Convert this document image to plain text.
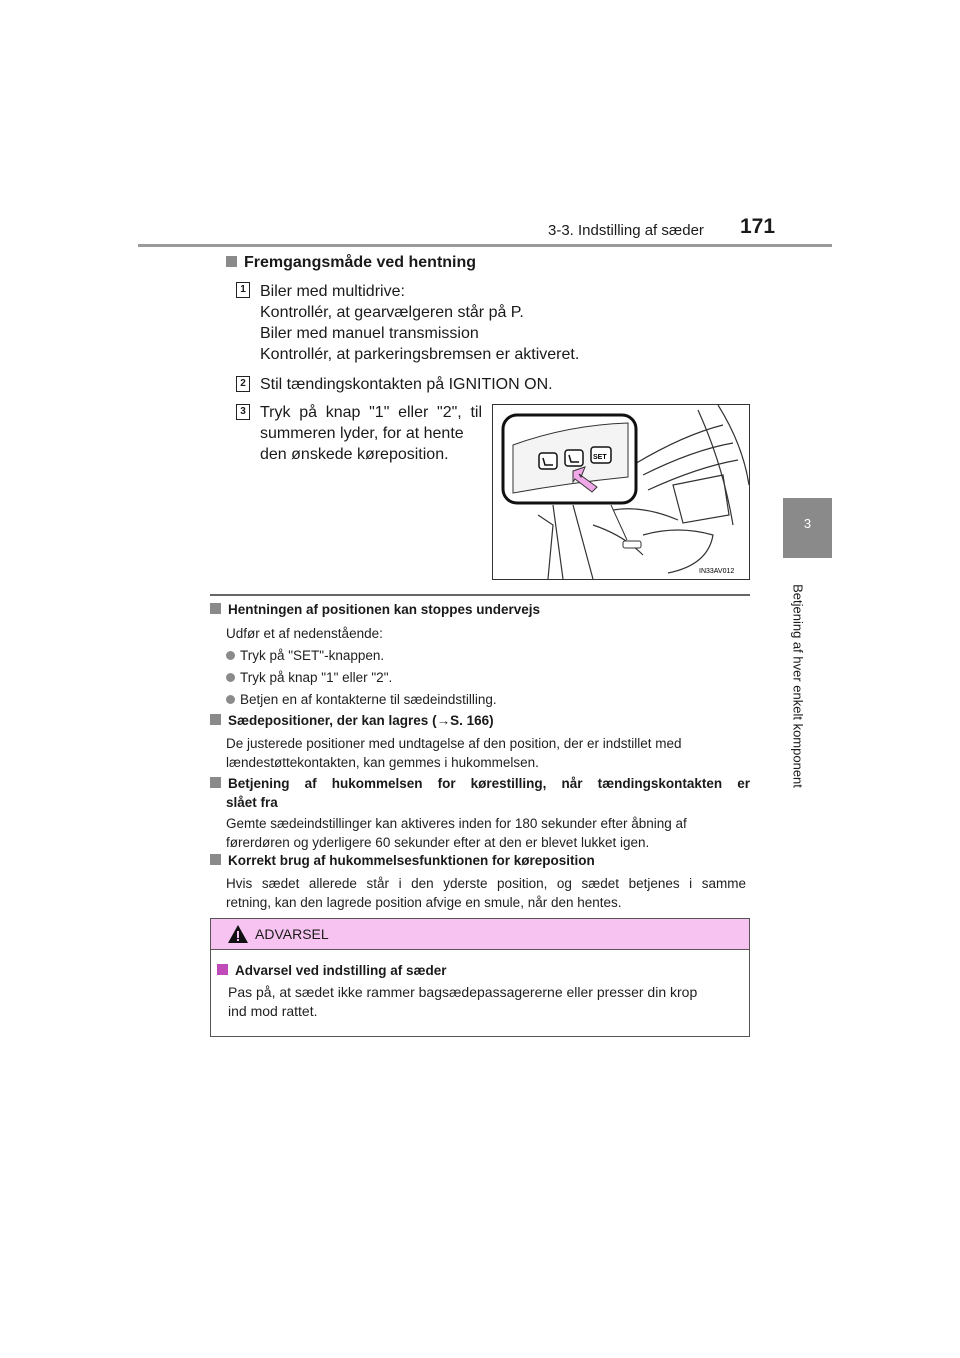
3-3. Indstilling af sæder 171
3
Betjening af hver enkelt komponent
Fremgangsmåde ved hentning
1 Biler med multidrive:
Kontrollér, at gearvælgeren står på P.
Biler med manuel transmission
Kontrollér, at parkeringsbremsen er aktiveret.
2 Stil tændingskontakten på IGNITION ON.
3 Tryk på knap "1" eller "2", til
summeren lyder, for at hente
den ønskede køreposition.	SET
IN33AV012
Hentningen af positionen kan stoppes undervejs
Udfør et af nedenstående:
Tryk på "SET"-knappen.
Tryk på knap "1" eller "2".
Betjen en af kontakterne til sædeindstilling.
Sædepositioner, der kan lagres (→S. 166)
De justerede positioner med undtagelse af den position, der er indstillet med
lændestøttekontakten, kan gemmes i hukommelsen.
Betjening af hukommelsen for kørestilling, når tændingskontakten er
slået fra
Gemte sædeindstillinger kan aktiveres inden for 180 sekunder efter åbning af
førerdøren og yderligere 60 sekunder efter at den er blevet lukket igen.
Korrekt brug af hukommelsesfunktionen for køreposition
Hvis sædet allerede står i den yderste position, og sædet betjenes i samme
retning, kan den lagrede position afvige en smule, når den hentes.
ADVARSEL
Advarsel ved indstilling af sæder
Pas på, at sædet ikke rammer bagsædepassagererne eller presser din krop
ind mod rattet.
